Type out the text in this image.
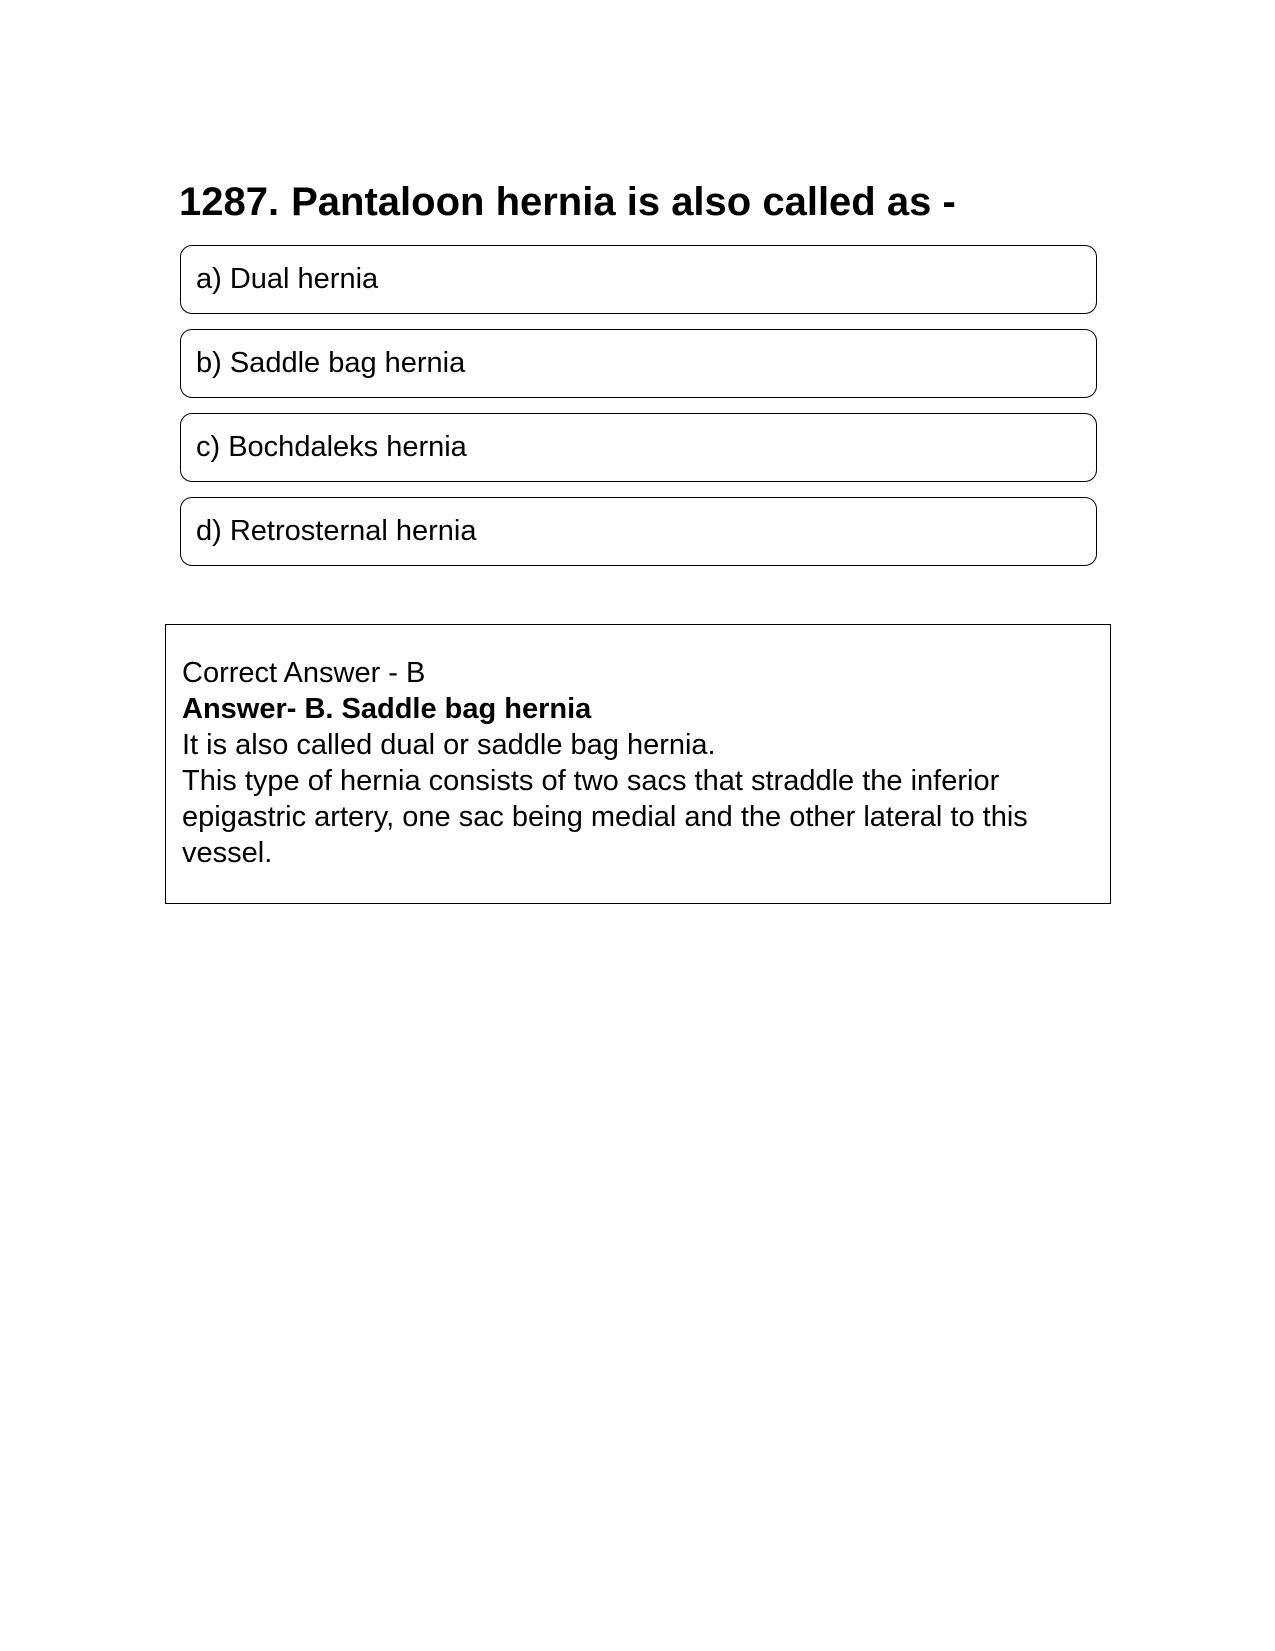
1287. Pantaloon hernia is also called as -
a) Dual hernia
b) Saddle bag hernia
c) Bochdaleks hernia
d) Retrosternal hernia

Correct Answer - B

Answer- B. Saddle bag hernia

It is also called dual or saddle bag hernia.

This type of hernia consists of two sacs that straddle the inferior epigastric artery, one sac being medial and the other lateral to this vessel.
